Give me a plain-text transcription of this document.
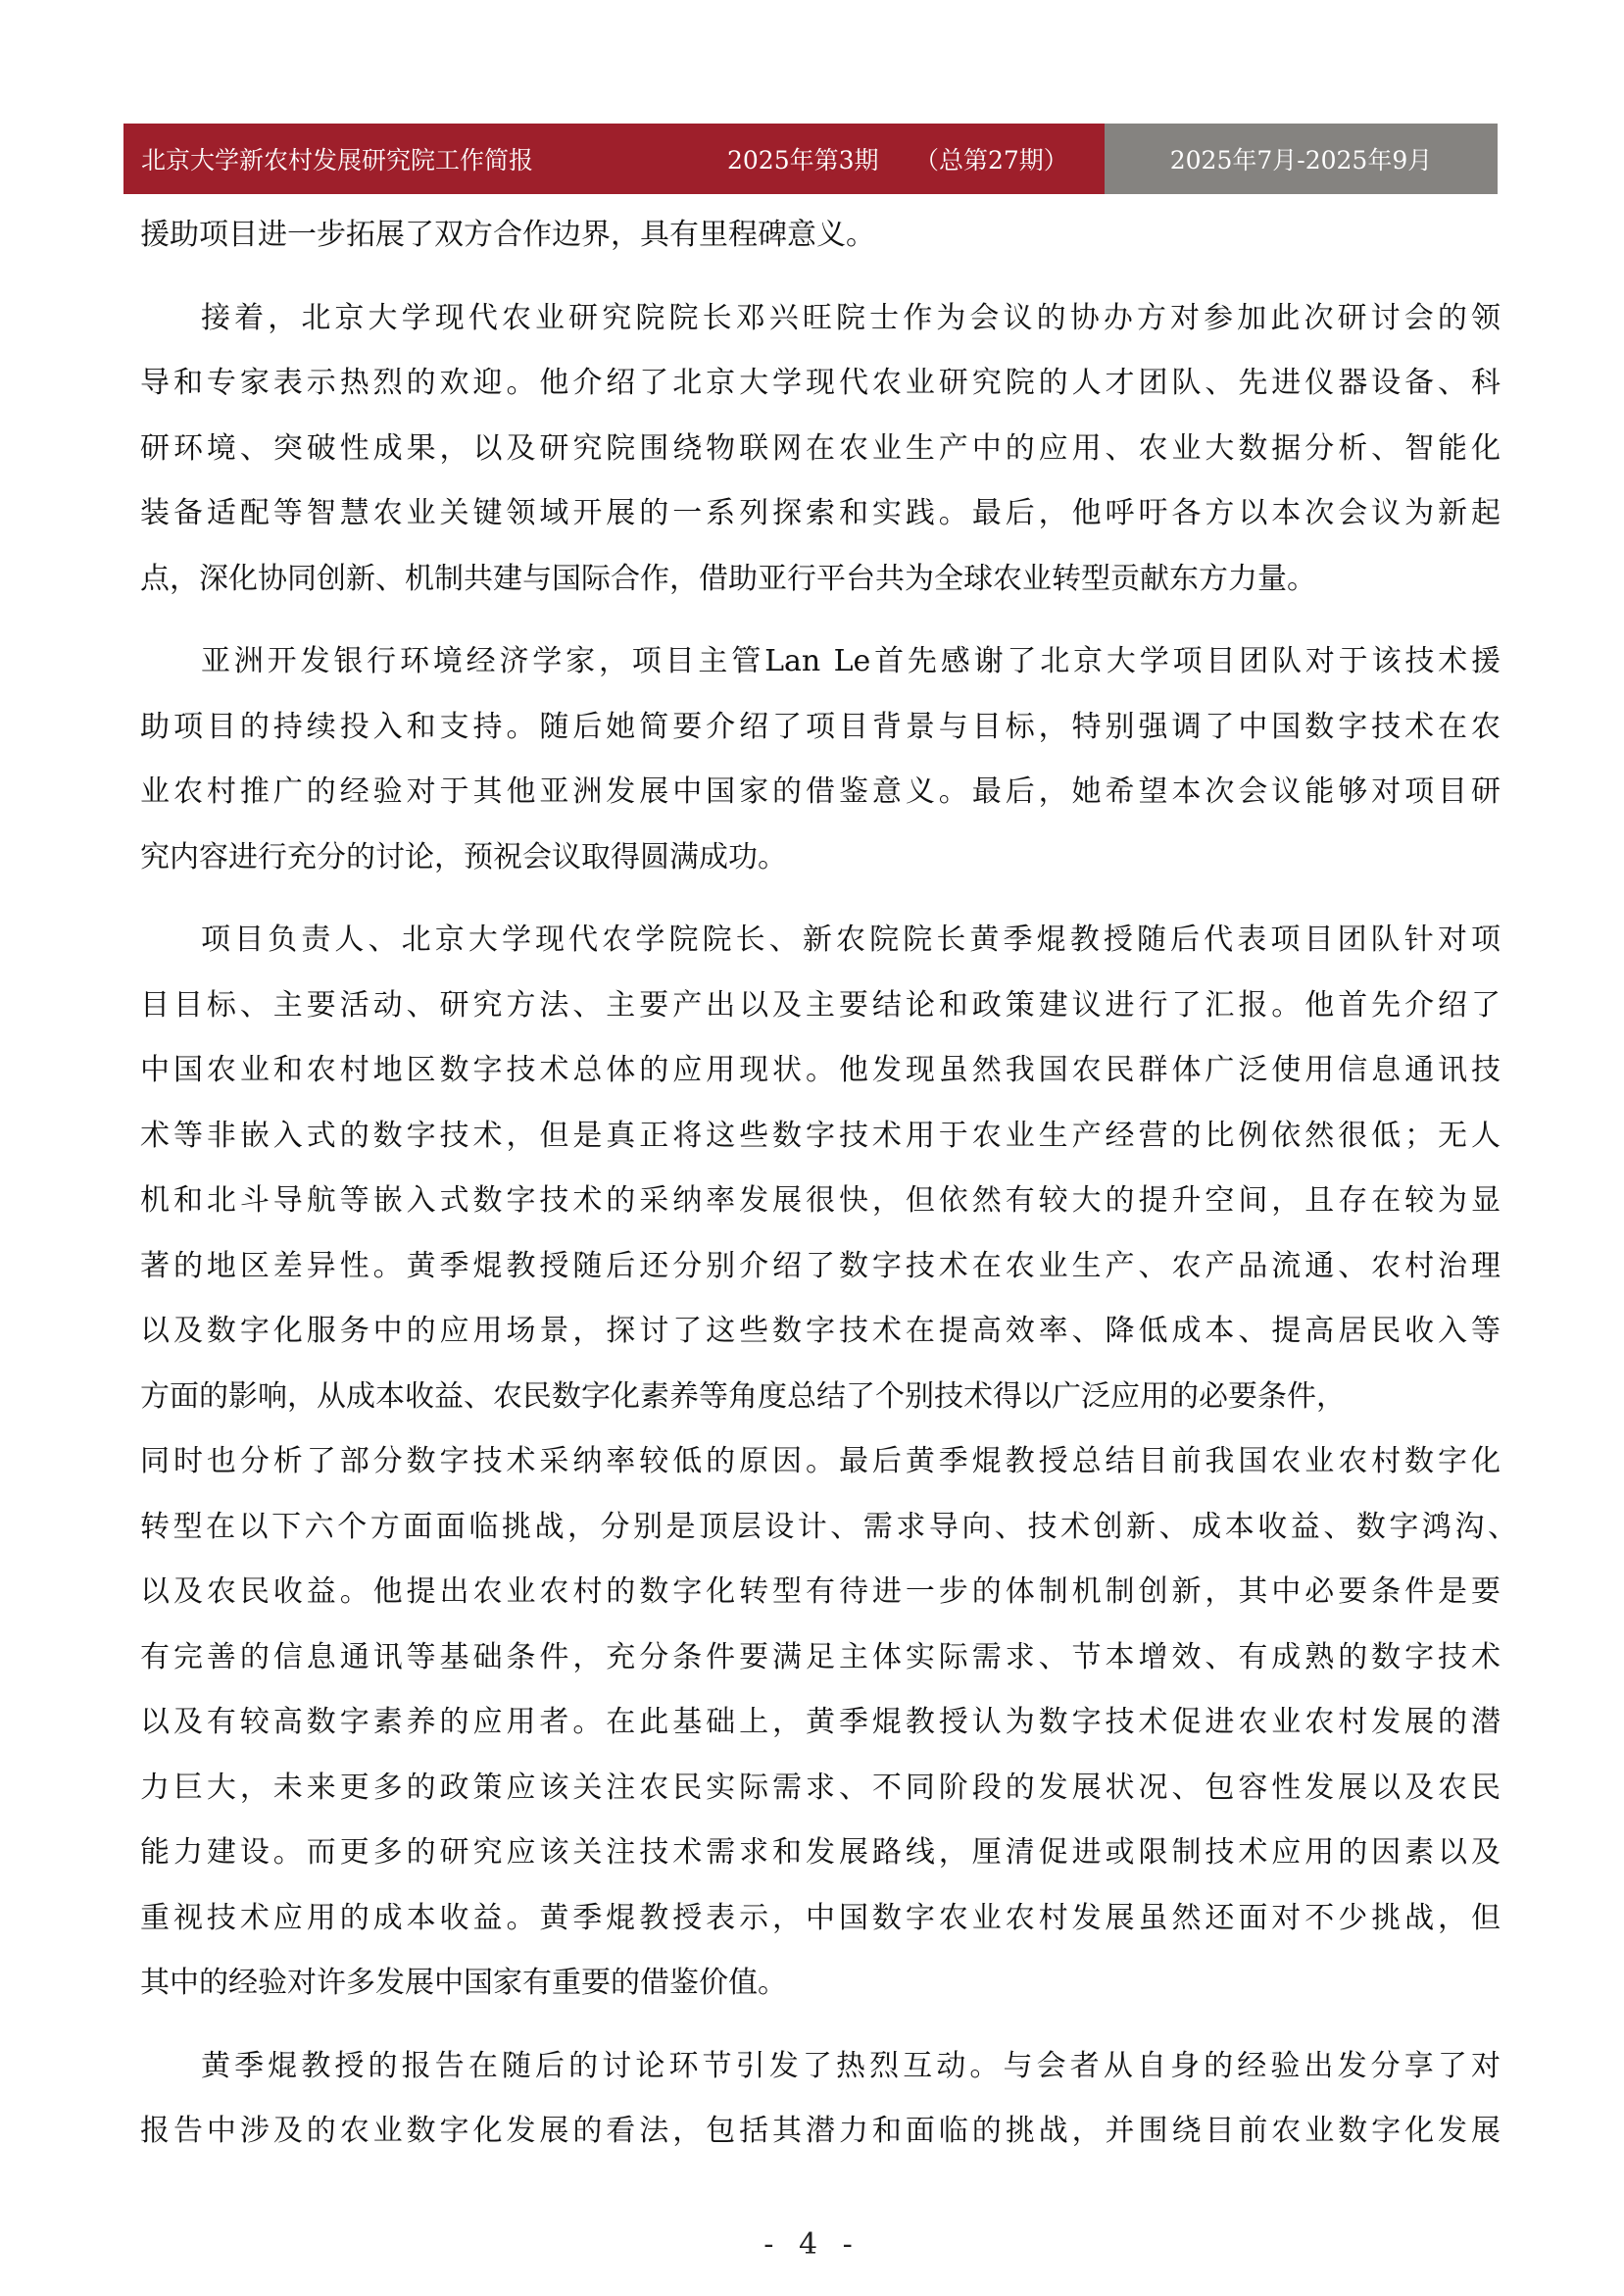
北京大学新农村发展研究院工作简报	2025年第3期 （总第27期）	2025年7月-2025年9月
援助项目进一步拓展了双方合作边界，具有里程碑意义。
接着，北京大学现代农业研究院院长邓兴旺院士作为会议的协办方对参加此次研讨会的领
导和专家表示热烈的欢迎。他介绍了北京大学现代农业研究院的人才团队、先进仪器设备、科
研环境、突破性成果，以及研究院围绕物联网在农业生产中的应用、农业大数据分析、智能化
装备适配等智慧农业关键领域开展的一系列探索和实践。最后，他呼吁各方以本次会议为新起
点，深化协同创新、机制共建与国际合作，借助亚行平台共为全球农业转型贡献东方力量。
亚洲开发银行环境经济学家，项目主管Lan Le首先感谢了北京大学项目团队对于该技术援
助项目的持续投入和支持。随后她简要介绍了项目背景与目标，特别强调了中国数字技术在农
业农村推广的经验对于其他亚洲发展中国家的借鉴意义。最后，她希望本次会议能够对项目研
究内容进行充分的讨论，预祝会议取得圆满成功。
项目负责人、北京大学现代农学院院长、新农院院长黄季焜教授随后代表项目团队针对项
目目标、主要活动、研究方法、主要产出以及主要结论和政策建议进行了汇报。他首先介绍了
中国农业和农村地区数字技术总体的应用现状。他发现虽然我国农民群体广泛使用信息通讯技
术等非嵌入式的数字技术，但是真正将这些数字技术用于农业生产经营的比例依然很低；无人
机和北斗导航等嵌入式数字技术的采纳率发展很快，但依然有较大的提升空间，且存在较为显
著的地区差异性。黄季焜教授随后还分别介绍了数字技术在农业生产、农产品流通、农村治理
以及数字化服务中的应用场景，探讨了这些数字技术在提高效率、降低成本、提高居民收入等
方面的影响，从成本收益、农民数字化素养等角度总结了个别技术得以广泛应用的必要条件，
同时也分析了部分数字技术采纳率较低的原因。最后黄季焜教授总结目前我国农业农村数字化
转型在以下六个方面面临挑战，分别是顶层设计、需求导向、技术创新、成本收益、数字鸿沟、
以及农民收益。他提出农业农村的数字化转型有待进一步的体制机制创新，其中必要条件是要
有完善的信息通讯等基础条件，充分条件要满足主体实际需求、节本增效、有成熟的数字技术
以及有较高数字素养的应用者。在此基础上，黄季焜教授认为数字技术促进农业农村发展的潜
力巨大，未来更多的政策应该关注农民实际需求、不同阶段的发展状况、包容性发展以及农民
能力建设。而更多的研究应该关注技术需求和发展路线，厘清促进或限制技术应用的因素以及
重视技术应用的成本收益。黄季焜教授表示，中国数字农业农村发展虽然还面对不少挑战，但
其中的经验对许多发展中国家有重要的借鉴价值。
黄季焜教授的报告在随后的讨论环节引发了热烈互动。与会者从自身的经验出发分享了对
报告中涉及的农业数字化发展的看法，包括其潜力和面临的挑战，并围绕目前农业数字化发展
- 4 -
